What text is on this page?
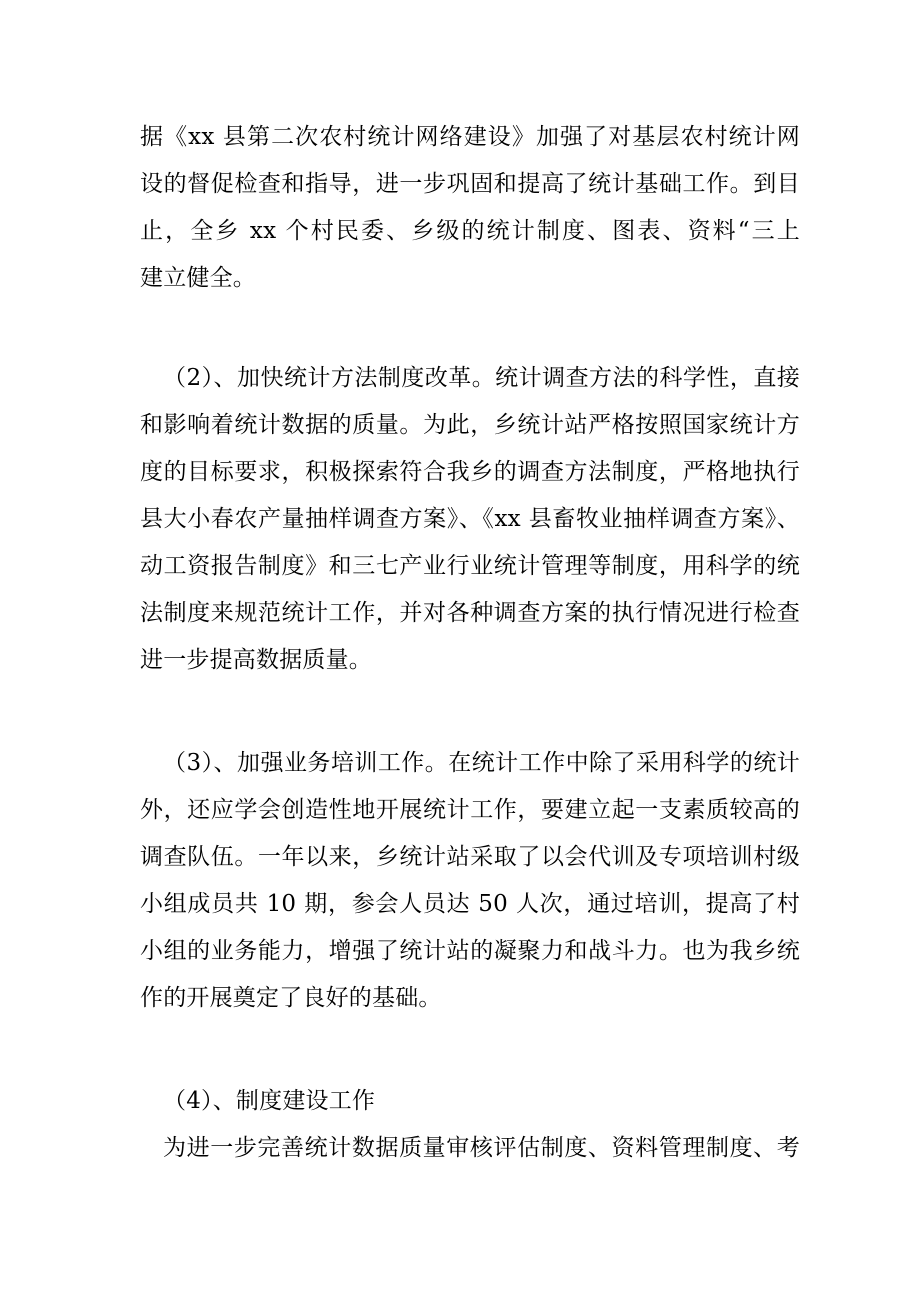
据《xx 县第二次农村统计网络建设》加强了对基层农村统计网
设的督促检查和指导，进一步巩固和提高了统计基础工作。到目
止，全乡 xx 个村民委、乡级的统计制度、图表、资料“三上
建立健全。
（2）、加快统计方法制度改革。统计调查方法的科学性，直接
和影响着统计数据的质量。为此，乡统计站严格按照国家统计方
度的目标要求，积极探索符合我乡的调查方法制度，严格地执行
县大小春农产量抽样调查方案》、《xx 县畜牧业抽样调查方案》、
动工资报告制度》和三七产业行业统计管理等制度，用科学的统
法制度来规范统计工作，并对各种调查方案的执行情况进行检查
进一步提高数据质量。
（3）、加强业务培训工作。在统计工作中除了采用科学的统计
外，还应学会创造性地开展统计工作，要建立起一支素质较高的
调查队伍。一年以来，乡统计站采取了以会代训及专项培训村级
小组成员共 10 期，参会人员达 50 人次，通过培训，提高了村
小组的业务能力，增强了统计站的凝聚力和战斗力。也为我乡统
作的开展奠定了良好的基础。
（4）、制度建设工作
为进一步完善统计数据质量审核评估制度、资料管理制度、考
